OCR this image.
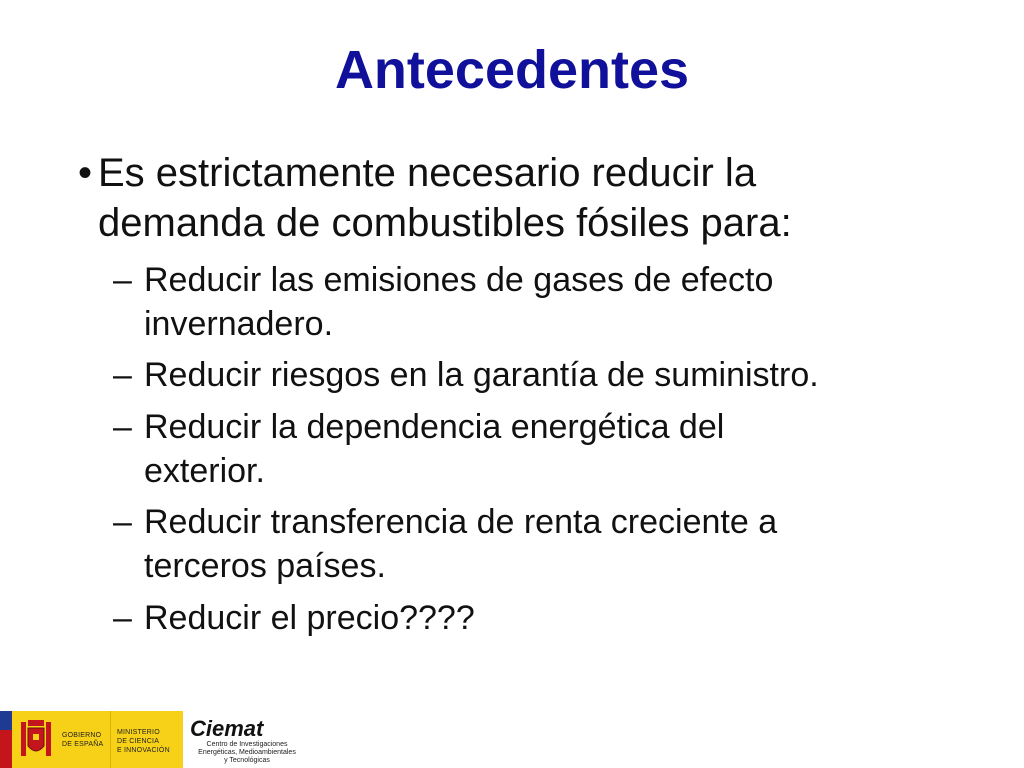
Antecedentes
• Es estrictamente necesario reducir la
demanda de combustibles fósiles para:
– Reducir las emisiones de gases de efecto
invernadero.
– Reducir riesgos en la garantía de suministro.
– Reducir la dependencia energética del
exterior.
– Reducir transferencia de renta creciente a
terceros países.
– Reducir el precio????
GOBIERNO
DE ESPAÑA
MINISTERIO
DE CIENCIA
E INNOVACIÓN
Ciemat
Centro de Investigaciones
Energéticas, Medioambientales
y Tecnológicas
